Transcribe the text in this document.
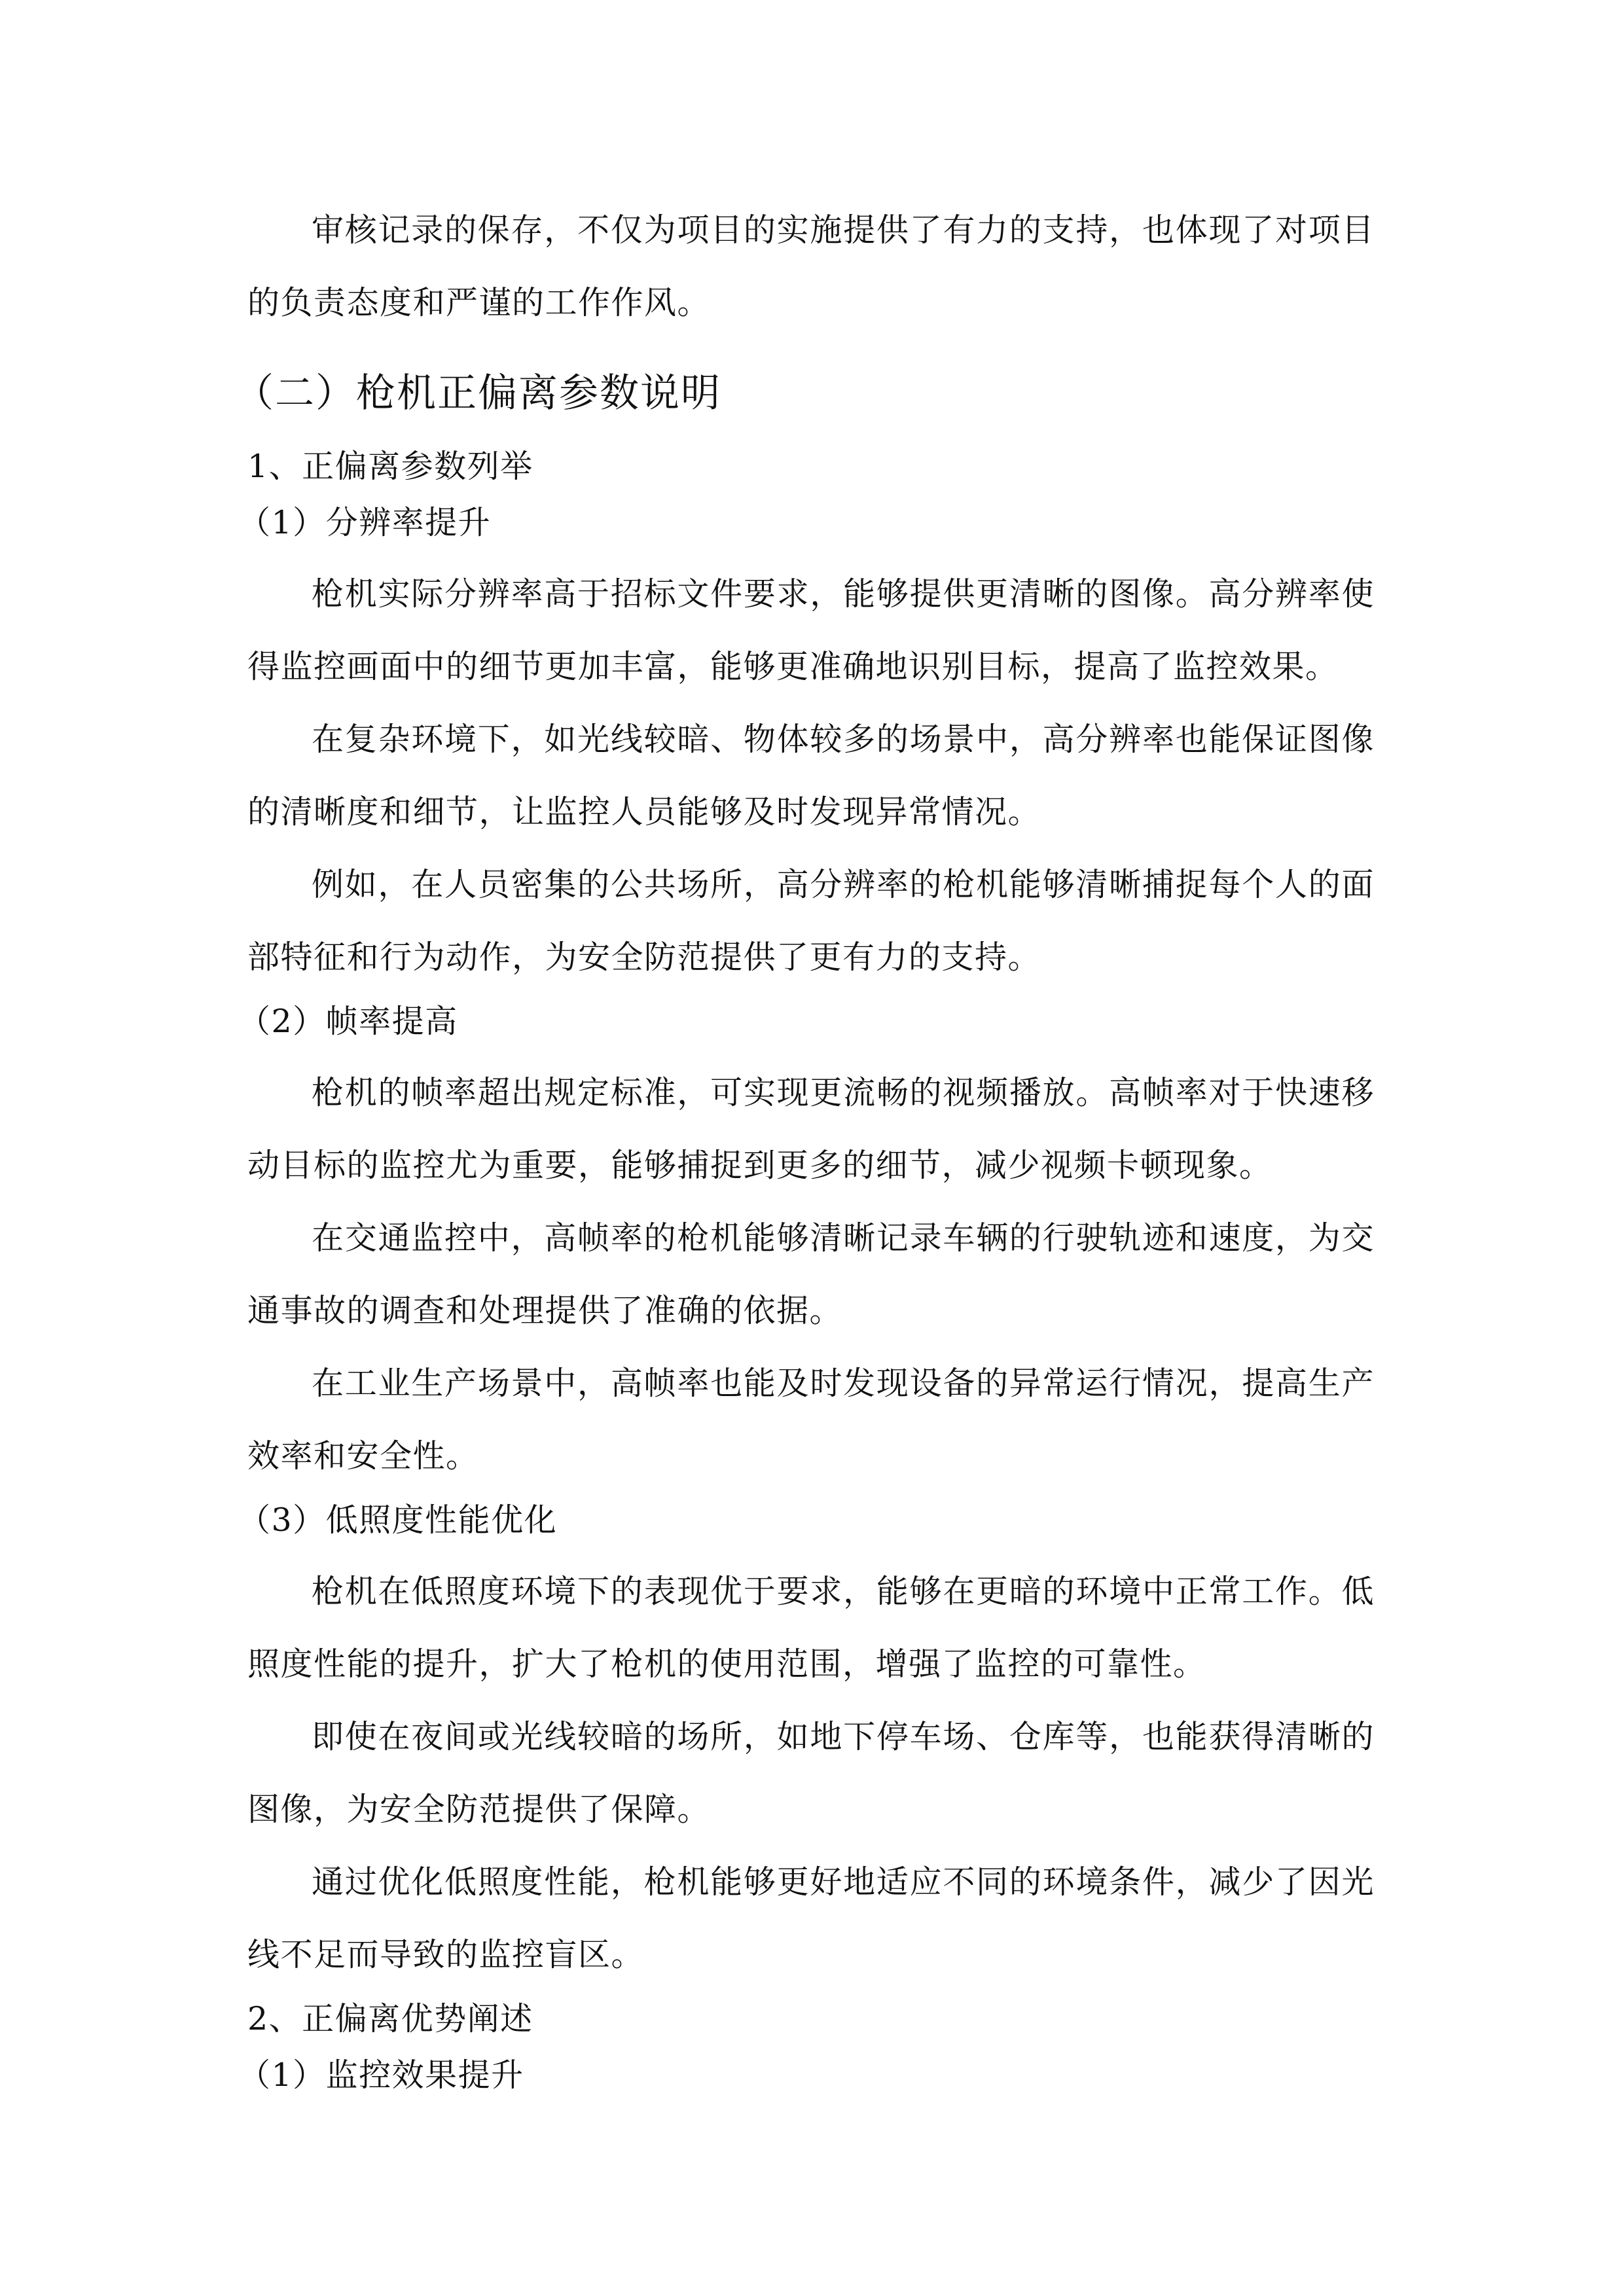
审核记录的保存，不仅为项目的实施提供了有力的支持，也体现了对项目的负责态度和严谨的工作作风。

（二）枪机正偏离参数说明
1、正偏离参数列举
（1）分辨率提升

枪机实际分辨率高于招标文件要求，能够提供更清晰的图像。高分辨率使得监控画面中的细节更加丰富，能够更准确地识别目标，提高了监控效果。

在复杂环境下，如光线较暗、物体较多的场景中，高分辨率也能保证图像的清晰度和细节，让监控人员能够及时发现异常情况。

例如，在人员密集的公共场所，高分辨率的枪机能够清晰捕捉每个人的面部特征和行为动作，为安全防范提供了更有力的支持。

（2）帧率提高

枪机的帧率超出规定标准，可实现更流畅的视频播放。高帧率对于快速移动目标的监控尤为重要，能够捕捉到更多的细节，减少视频卡顿现象。

在交通监控中，高帧率的枪机能够清晰记录车辆的行驶轨迹和速度，为交通事故的调查和处理提供了准确的依据。

在工业生产场景中，高帧率也能及时发现设备的异常运行情况，提高生产效率和安全性。

（3）低照度性能优化

枪机在低照度环境下的表现优于要求，能够在更暗的环境中正常工作。低照度性能的提升，扩大了枪机的使用范围，增强了监控的可靠性。

即使在夜间或光线较暗的场所，如地下停车场、仓库等，也能获得清晰的图像，为安全防范提供了保障。

通过优化低照度性能，枪机能够更好地适应不同的环境条件，减少了因光线不足而导致的监控盲区。

2、正偏离优势阐述
（1）监控效果提升
